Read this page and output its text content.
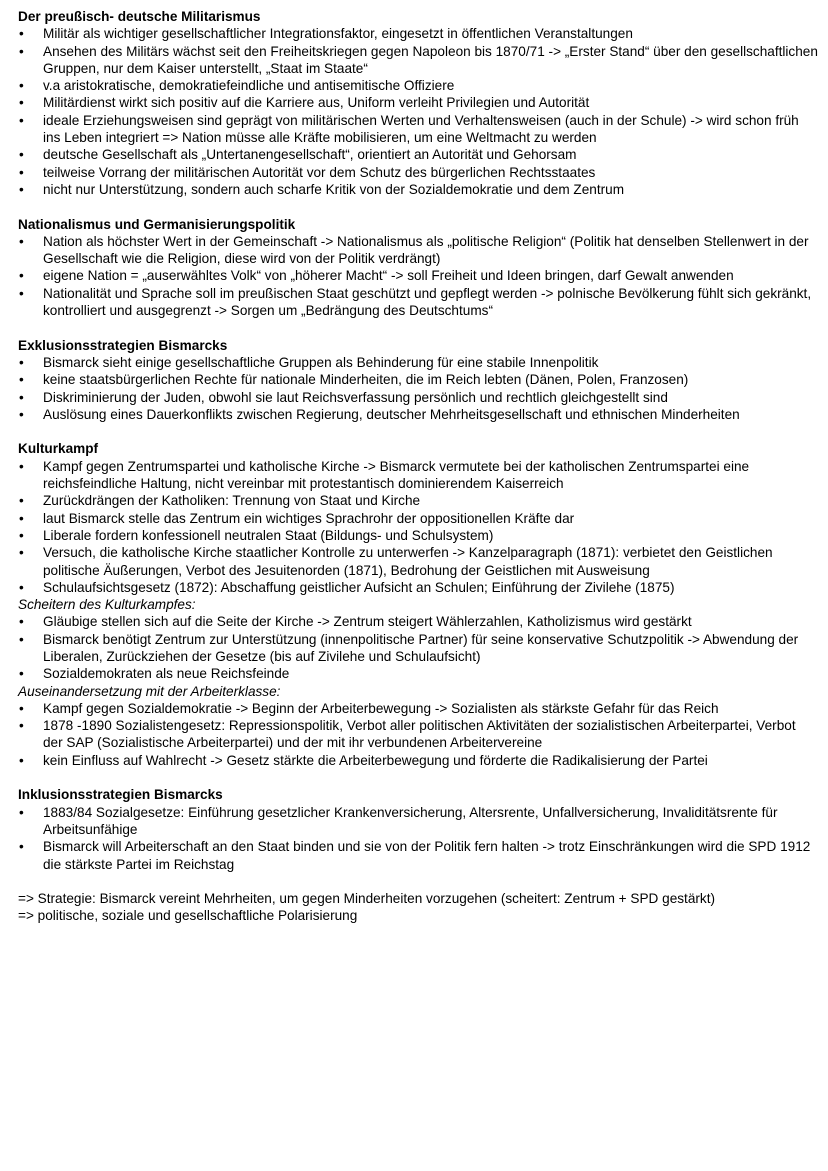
Der preußisch- deutsche Militarismus

• Militär als wichtiger gesellschaftlicher Integrationsfaktor, eingesetzt in öffentlichen Veranstaltungen
• Ansehen des Militärs wächst seit den Freiheitskriegen gegen Napoleon bis 1870/71 -> „Erster Stand“ über den gesellschaftlichen Gruppen, nur dem Kaiser unterstellt, „Staat im Staate“
• v.a aristokratische, demokratiefeindliche und antisemitische Offiziere
• Militärdienst wirkt sich positiv auf die Karriere aus, Uniform verleiht Privilegien und Autorität
• ideale Erziehungsweisen sind geprägt von militärischen Werten und Verhaltensweisen (auch in der Schule) -> wird schon früh ins Leben integriert => Nation müsse alle Kräfte mobilisieren, um eine Weltmacht zu werden
• deutsche Gesellschaft als „Untertanengesellschaft“, orientiert an Autorität und Gehorsam
• teilweise Vorrang der militärischen Autorität vor dem Schutz des bürgerlichen Rechtsstaates
• nicht nur Unterstützung, sondern auch scharfe Kritik von der Sozialdemokratie und dem Zentrum

Nationalismus und Germanisierungspolitik

• Nation als höchster Wert in der Gemeinschaft -> Nationalismus als „politische Religion“ (Politik hat denselben Stellenwert in der Gesellschaft wie die Religion, diese wird von der Politik verdrängt)
• eigene Nation = „auserwähltes Volk“ von „höherer Macht“ -> soll Freiheit und Ideen bringen, darf Gewalt anwenden
• Nationalität und Sprache soll im preußischen Staat geschützt und gepflegt werden -> polnische Bevölkerung fühlt sich gekränkt, kontrolliert und ausgegrenzt -> Sorgen um „Bedrängung des Deutschtums“

Exklusionsstrategien Bismarcks

• Bismarck sieht einige gesellschaftliche Gruppen als Behinderung für eine stabile Innenpolitik
• keine staatsbürgerlichen Rechte für nationale Minderheiten, die im Reich lebten (Dänen, Polen, Franzosen)
• Diskriminierung der Juden, obwohl sie laut Reichsverfassung persönlich und rechtlich gleichgestellt sind
• Auslösung eines Dauerkonflikts zwischen Regierung, deutscher Mehrheitsgesellschaft und ethnischen Minderheiten

Kulturkampf

• Kampf gegen Zentrumspartei und katholische Kirche -> Bismarck vermutete bei der katholischen Zentrumspartei eine reichsfeindliche Haltung, nicht vereinbar mit protestantisch dominierendem Kaiserreich
• Zurückdrängen der Katholiken: Trennung von Staat und Kirche
• laut Bismarck stelle das Zentrum ein wichtiges Sprachrohr der oppositionellen Kräfte dar
• Liberale fordern konfessionell neutralen Staat (Bildungs- und Schulsystem)
• Versuch, die katholische Kirche staatlicher Kontrolle zu unterwerfen -> Kanzelparagraph (1871): verbietet den Geistlichen politische Äußerungen, Verbot des Jesuitenorden (1871), Bedrohung der Geistlichen mit Ausweisung
• Schulaufsichtsgesetz (1872): Abschaffung geistlicher Aufsicht an Schulen; Einführung der Zivilehe (1875)

Scheitern des Kulturkampfes:

• Gläubige stellen sich auf die Seite der Kirche -> Zentrum steigert Wählerzahlen, Katholizismus wird gestärkt
• Bismarck benötigt Zentrum zur Unterstützung (innenpolitische Partner) für seine konservative Schutzpolitik -> Abwendung der Liberalen, Zurückziehen der Gesetze (bis auf Zivilehe und Schulaufsicht)
• Sozialdemokraten als neue Reichsfeinde

Auseinandersetzung mit der Arbeiterklasse:

• Kampf gegen Sozialdemokratie -> Beginn der Arbeiterbewegung -> Sozialisten als stärkste Gefahr für das Reich
• 1878 -1890 Sozialistengesetz: Repressionspolitik, Verbot aller politischen Aktivitäten der sozialistischen Arbeiterpartei, Verbot der SAP (Sozialistische Arbeiterpartei) und der mit ihr verbundenen Arbeitervereine
• kein Einfluss auf Wahlrecht -> Gesetz stärkte die Arbeiterbewegung und förderte die Radikalisierung der Partei

Inklusionsstrategien Bismarcks

• 1883/84 Sozialgesetze: Einführung gesetzlicher Krankenversicherung, Altersrente, Unfallversicherung, Invaliditätsrente für Arbeitsunfähige
• Bismarck will Arbeiterschaft an den Staat binden und sie von der Politik fern halten -> trotz Einschränkungen wird die SPD 1912 die stärkste Partei im Reichstag

=> Strategie: Bismarck vereint Mehrheiten, um gegen Minderheiten vorzugehen (scheitert: Zentrum + SPD gestärkt)

=> politische, soziale und gesellschaftliche Polarisierung
